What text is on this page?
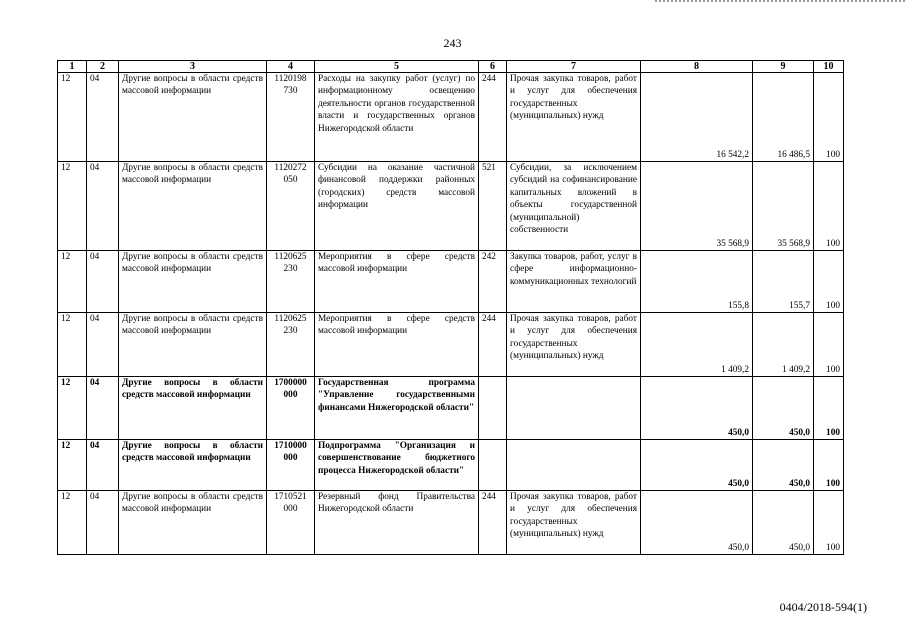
243
1	2	3	4	5	6	7	8	9	10
12	04	Другие вопросы в области средств массовой информации	1120198 730	Расходы на закупку работ (услуг) по информационному освещению деятельности органов государственной власти и государственных органов Нижегородской области	244	Прочая закупка товаров, работ и услуг для обеспечения государственных (муниципальных) нужд	16 542,2	16 486,5	100
12	04	Другие вопросы в области средств массовой информации	1120272 050	Субсидии на оказание частичной финансовой поддержки районных (городских) средств массовой информации	521	Субсидии, за исключением субсидий на софинансирование капитальных вложений в объекты государственной (муниципальной) собственности	35 568,9	35 568,9	100
12	04	Другие вопросы в области средств массовой информации	1120625 230	Мероприятия в сфере средств массовой информации	242	Закупка товаров, работ, услуг в сфере информационно-коммуникационных технологий	155,8	155,7	100
12	04	Другие вопросы в области средств массовой информации	1120625 230	Мероприятия в сфере средств массовой информации	244	Прочая закупка товаров, работ и услуг для обеспечения государственных (муниципальных) нужд	1 409,2	1 409,2	100
12	04	Другие вопросы в области средств массовой информации	1700000 000	Государственная программа "Управление государственными финансами Нижегородской области"			450,0	450,0	100
12	04	Другие вопросы в области средств массовой информации	1710000 000	Подпрограмма "Организация и совершенствование бюджетного процесса Нижегородской области"			450,0	450,0	100
12	04	Другие вопросы в области средств массовой информации	1710521 000	Резервный фонд Правительства Нижегородской области	244	Прочая закупка товаров, работ и услуг для обеспечения государственных (муниципальных) нужд	450,0	450,0	100
0404/2018-594(1)
